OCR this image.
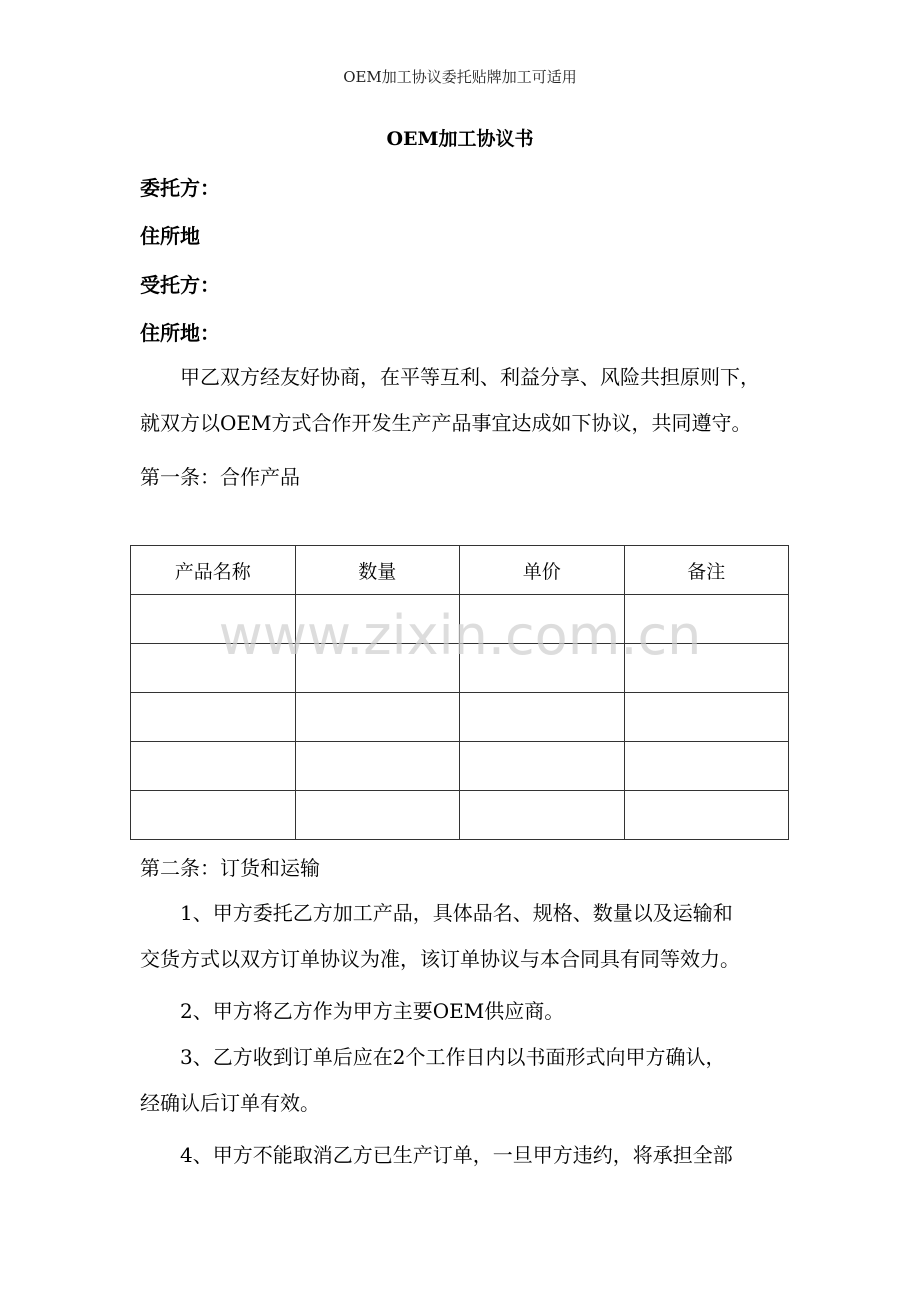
OEM加工协议委托贴牌加工可适用
OEM加工协议书
委托方：
住所地
受托方：
住所地：
甲乙双方经友好协商，在平等互利、利益分享、风险共担原则下，
就双方以OEM方式合作开发生产产品事宜达成如下协议，共同遵守。
第一条：合作产品
产品名称	数量	单价	备注

www.zixin.com.cn
第二条：订货和运输
1、甲方委托乙方加工产品，具体品名、规格、数量以及运输和
交货方式以双方订单协议为准，该订单协议与本合同具有同等效力。
2、甲方将乙方作为甲方主要OEM供应商。
3、乙方收到订单后应在2个工作日内以书面形式向甲方确认，
经确认后订单有效。
4、甲方不能取消乙方已生产订单，一旦甲方违约，将承担全部
